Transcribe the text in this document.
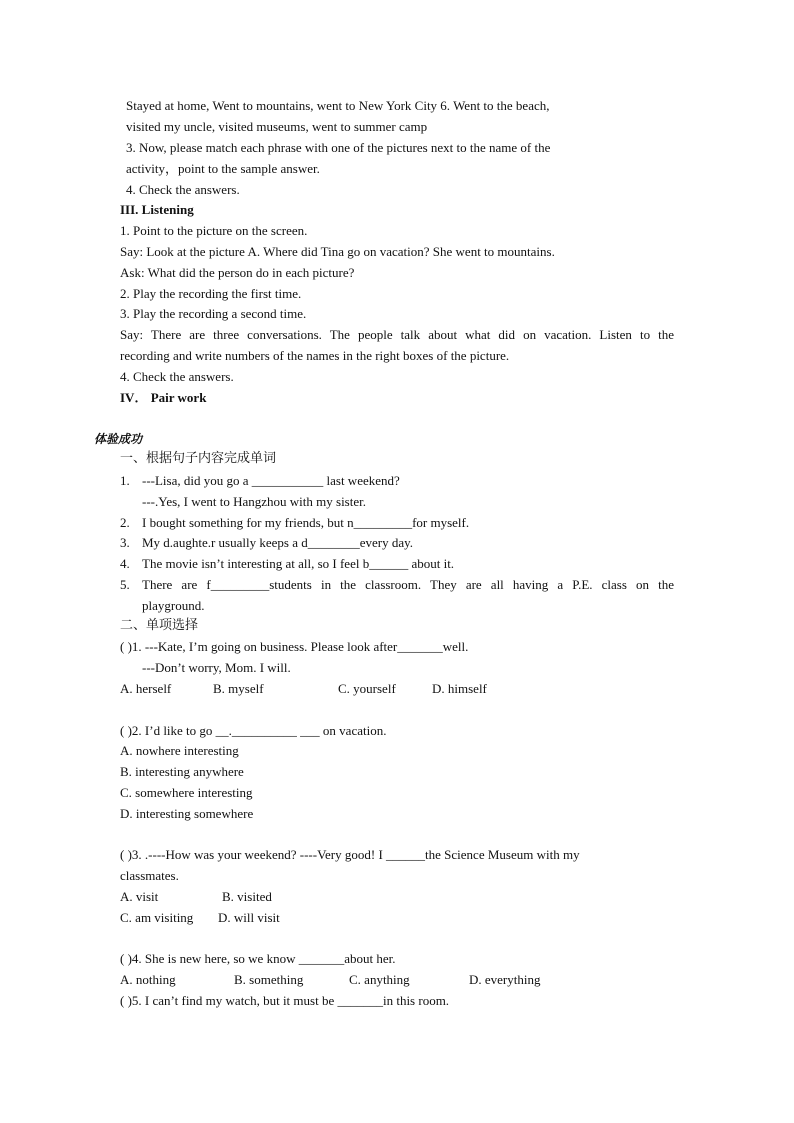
Stayed at home, Went to mountains, went to New York City 6. Went to the beach,
visited my uncle, visited museums, went to summer camp
3. Now, please match each phrase with one of the pictures next to the name of the
activity，point to the sample answer.
4. Check the answers.
III. Listening
1. Point to the picture on the screen.
Say: Look at the picture A. Where did Tina go on vacation? She went to mountains.
Ask: What did the person do in each picture?
2. Play the recording the first time.
3. Play the recording a second time.
Say: There are three conversations. The people talk about what did on vacation. Listen to the
recording and write numbers of the names in the right boxes of the picture.
4. Check the answers.
IV． Pair work
体验成功
一、根据句子内容完成单词
1. ---Lisa, did you go a ___________ last weekend?
---.Yes, I went to Hangzhou with my sister.
2. I bought something for my friends, but n_________for myself.
3. My d.aughte.r usually keeps a d________every day.
4. The movie isn’t interesting at all, so I feel b______ about it.
5. There are f_________students in the classroom. They are all having a P.E. class on the
playground.
二、单项选择
( )1. ---Kate, I’m going on business. Please look after_______well.
---Don’t worry, Mom. I will.
A. herself	B. myself	C. yourself	D. himself
( )2. I’d like to go __.__________ ___ on vacation.
A. nowhere interesting
B. interesting anywhere
C. somewhere interesting
D. interesting somewhere
( )3. .----How was your weekend? ----Very good! I ______the Science Museum with my
classmates.
A. visit	B. visited
C. am visiting D. will visit
( )4. She is new here, so we know _______about her.
A. nothing	B. something	C. anything	D. everything
( )5. I can’t find my watch, but it must be _______in this room.
